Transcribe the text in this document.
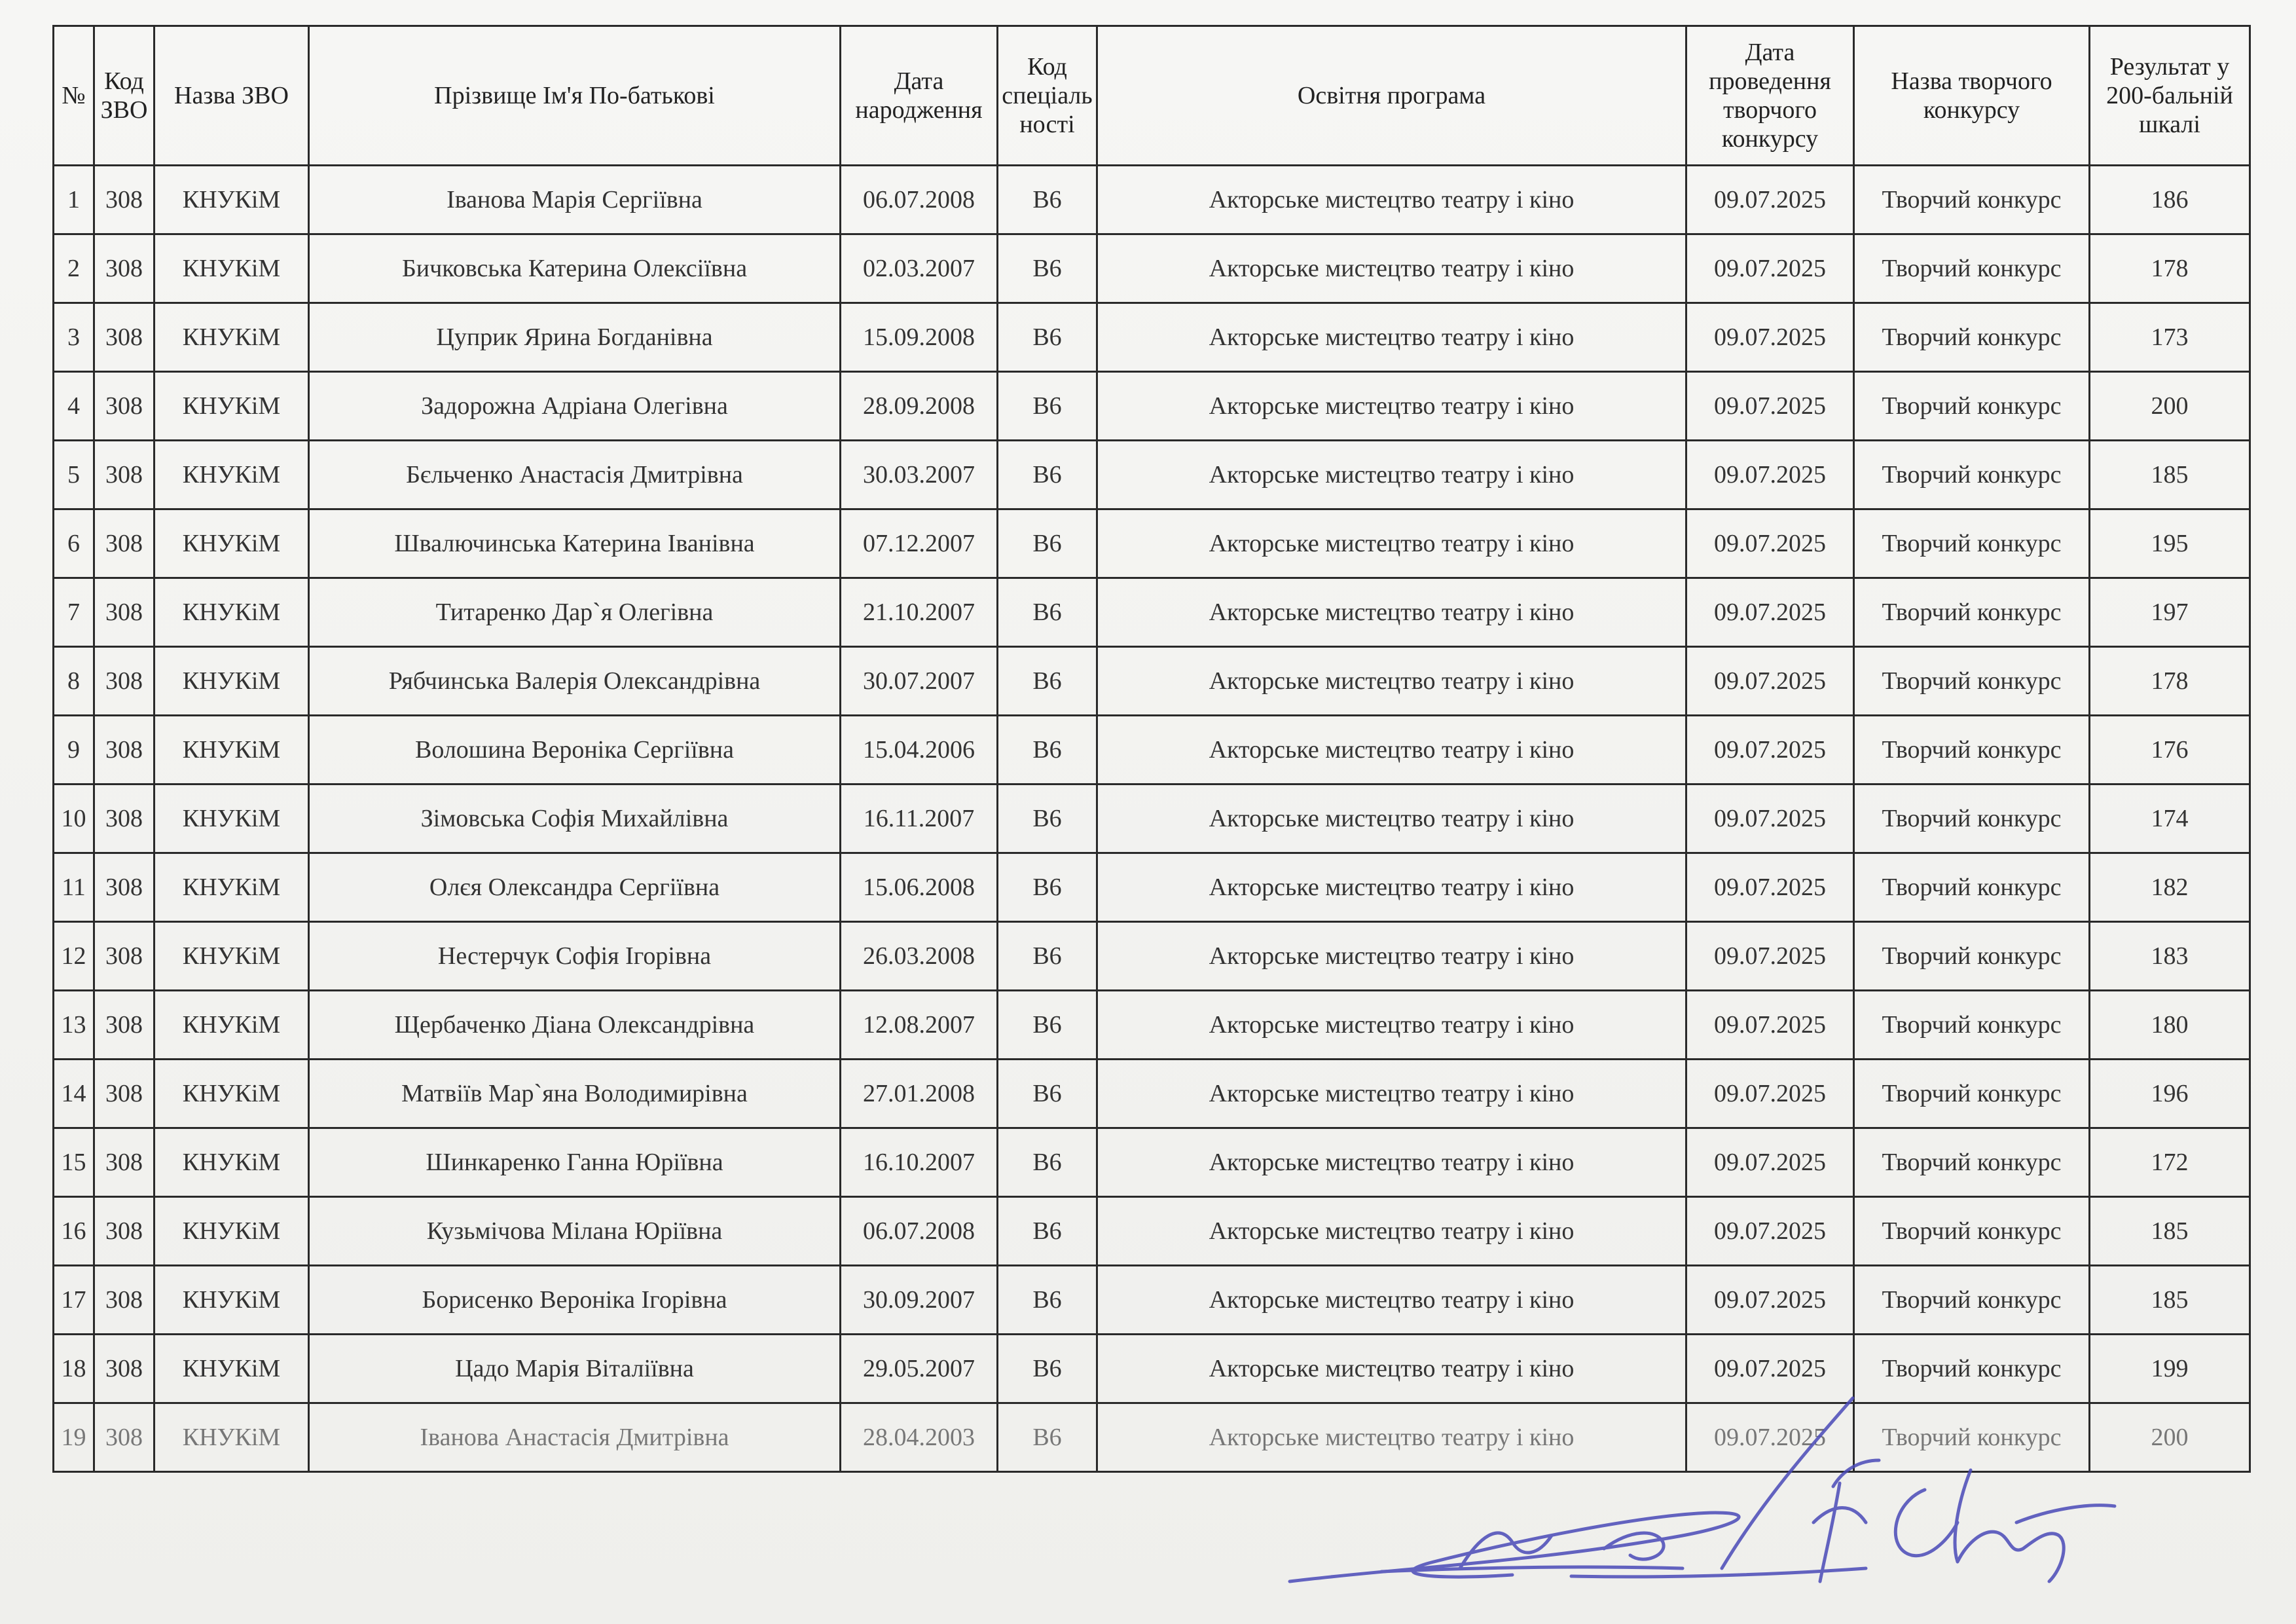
№	Код ЗВО	Назва ЗВО	Прізвище Ім'я По-батькові	Дата народження	Код спеціаль ності	Освітня програма	Дата проведення творчого конкурсу	Назва творчого конкурсу	Результат у 200-бальній шкалі
1	308	КНУКіМ	Іванова Марія Сергіївна	06.07.2008	В6	Акторське мистецтво театру і кіно	09.07.2025	Творчий конкурс	186
2	308	КНУКіМ	Бичковська Катерина Олексіївна	02.03.2007	В6	Акторське мистецтво театру і кіно	09.07.2025	Творчий конкурс	178
3	308	КНУКіМ	Цуприк Ярина Богданівна	15.09.2008	В6	Акторське мистецтво театру і кіно	09.07.2025	Творчий конкурс	173
4	308	КНУКіМ	Задорожна Адріана Олегівна	28.09.2008	В6	Акторське мистецтво театру і кіно	09.07.2025	Творчий конкурс	200
5	308	КНУКіМ	Бєльченко Анастасія Дмитрівна	30.03.2007	В6	Акторське мистецтво театру і кіно	09.07.2025	Творчий конкурс	185
6	308	КНУКіМ	Швалючинська Катерина Іванівна	07.12.2007	В6	Акторське мистецтво театру і кіно	09.07.2025	Творчий конкурс	195
7	308	КНУКіМ	Титаренко Дар`я Олегівна	21.10.2007	В6	Акторське мистецтво театру і кіно	09.07.2025	Творчий конкурс	197
8	308	КНУКіМ	Рябчинська Валерія Олександрівна	30.07.2007	В6	Акторське мистецтво театру і кіно	09.07.2025	Творчий конкурс	178
9	308	КНУКіМ	Волошина Вероніка Сергіївна	15.04.2006	В6	Акторське мистецтво театру і кіно	09.07.2025	Творчий конкурс	176
10	308	КНУКіМ	Зімовська Софія Михайлівна	16.11.2007	В6	Акторське мистецтво театру і кіно	09.07.2025	Творчий конкурс	174
11	308	КНУКіМ	Олєя Олександра Сергіївна	15.06.2008	В6	Акторське мистецтво театру і кіно	09.07.2025	Творчий конкурс	182
12	308	КНУКіМ	Нестерчук Софія Ігорівна	26.03.2008	В6	Акторське мистецтво театру і кіно	09.07.2025	Творчий конкурс	183
13	308	КНУКіМ	Щербаченко Діана Олександрівна	12.08.2007	В6	Акторське мистецтво театру і кіно	09.07.2025	Творчий конкурс	180
14	308	КНУКіМ	Матвіїв Мар`яна Володимирівна	27.01.2008	В6	Акторське мистецтво театру і кіно	09.07.2025	Творчий конкурс	196
15	308	КНУКіМ	Шинкаренко Ганна Юріївна	16.10.2007	В6	Акторське мистецтво театру і кіно	09.07.2025	Творчий конкурс	172
16	308	КНУКіМ	Кузьмічова Мілана Юріївна	06.07.2008	В6	Акторське мистецтво театру і кіно	09.07.2025	Творчий конкурс	185
17	308	КНУКіМ	Борисенко Вероніка Ігорівна	30.09.2007	В6	Акторське мистецтво театру і кіно	09.07.2025	Творчий конкурс	185
18	308	КНУКіМ	Цадо Марія Віталіївна	29.05.2007	В6	Акторське мистецтво театру і кіно	09.07.2025	Творчий конкурс	199
19	308	КНУКіМ	Іванова Анастасія Дмитрівна	28.04.2003	В6	Акторське мистецтво театру і кіно	09.07.2025	Творчий конкурс	200
